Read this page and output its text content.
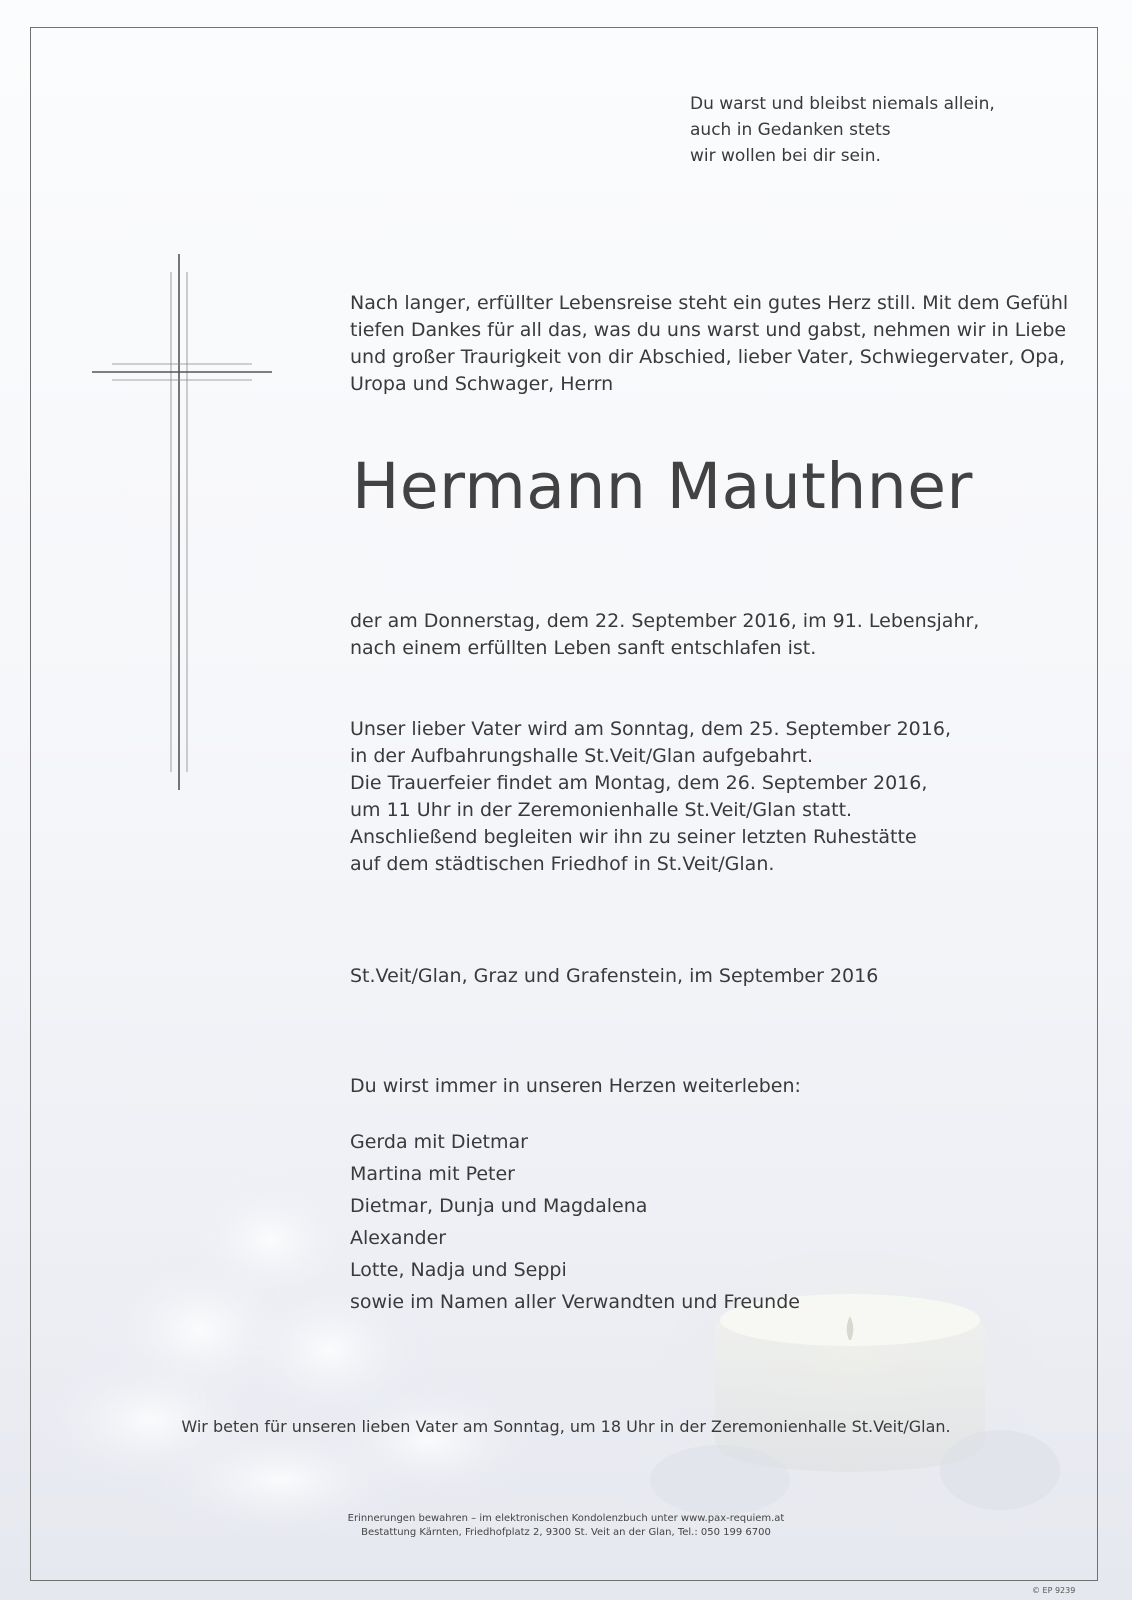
Du warst und bleibst niemals allein,
auch in Gedanken stets
wir wollen bei dir sein.
Nach langer, erfüllter Lebensreise steht ein gutes Herz still. Mit dem Gefühl
tiefen Dankes für all das, was du uns warst und gabst, nehmen wir in Liebe
und großer Traurigkeit von dir Abschied, lieber Vater, Schwiegervater, Opa,
Uropa und Schwager, Herrn
Hermann Mauthner
der am Donnerstag, dem 22. September 2016, im 91. Lebensjahr,
nach einem erfüllten Leben sanft entschlafen ist.
Unser lieber Vater wird am Sonntag, dem 25. September 2016,
in der Aufbahrungshalle St.Veit/Glan aufgebahrt.
Die Trauerfeier findet am Montag, dem 26. September 2016,
um 11 Uhr in der Zeremonienhalle St.Veit/Glan statt.
Anschließend begleiten wir ihn zu seiner letzten Ruhestätte
auf dem städtischen Friedhof in St.Veit/Glan.
St.Veit/Glan, Graz und Grafenstein, im September 2016
Du wirst immer in unseren Herzen weiterleben:
Gerda mit Dietmar
Martina mit Peter
Dietmar, Dunja und Magdalena
Alexander
Lotte, Nadja und Seppi
sowie im Namen aller Verwandten und Freunde
Wir beten für unseren lieben Vater am Sonntag, um 18 Uhr in der Zeremonienhalle St.Veit/Glan.
Erinnerungen bewahren – im elektronischen Kondolenzbuch unter www.pax-requiem.at
Bestattung Kärnten, Friedhofplatz 2, 9300 St. Veit an der Glan, Tel.: 050 199 6700
© EP 9239
